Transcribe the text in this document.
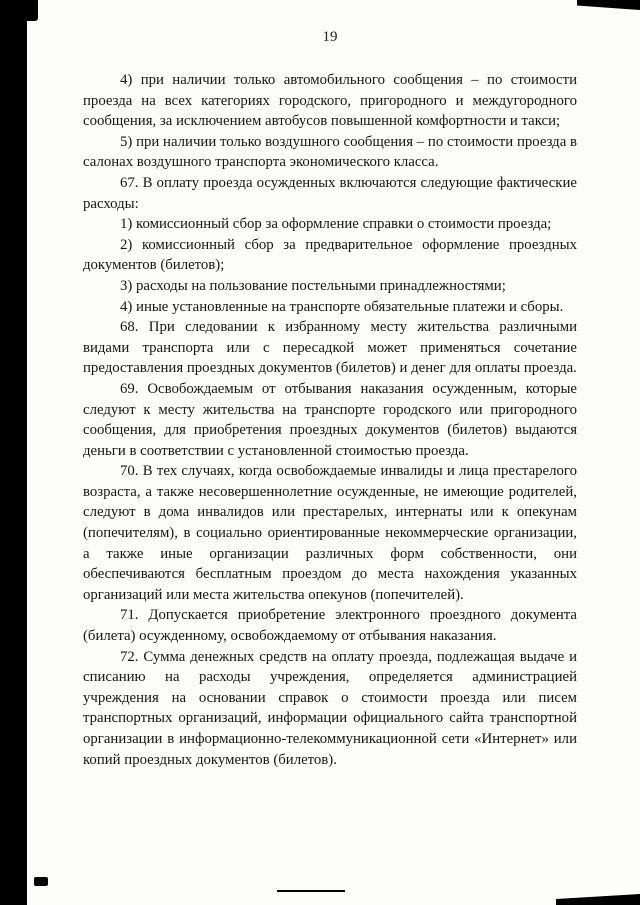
19

4) при наличии только автомобильного сообщения – по стоимости проезда на всех категориях городского, пригородного и междугородного сообщения, за исключением автобусов повышенной комфортности и такси;

5) при наличии только воздушного сообщения – по стоимости проезда в салонах воздушного транспорта экономического класса.

67. В оплату проезда осужденных включаются следующие фактические расходы:

1) комиссионный сбор за оформление справки о стоимости проезда;

2) комиссионный сбор за предварительное оформление проездных документов (билетов);

3) расходы на пользование постельными принадлежностями;

4) иные установленные на транспорте обязательные платежи и сборы.

68. При следовании к избранному месту жительства различными видами транспорта или с пересадкой может применяться сочетание предоставления проездных документов (билетов) и денег для оплаты проезда.

69. Освобождаемым от отбывания наказания осужденным, которые следуют к месту жительства на транспорте городского или пригородного сообщения, для приобретения проездных документов (билетов) выдаются деньги в соответствии с установленной стоимостью проезда.

70. В тех случаях, когда освобождаемые инвалиды и лица престарелого возраста, а также несовершеннолетние осужденные, не имеющие родителей, следуют в дома инвалидов или престарелых, интернаты или к опекунам (попечителям), в социально ориентированные некоммерческие организации, а также иные организации различных форм собственности, они обеспечиваются бесплатным проездом до места нахождения указанных организаций или места жительства опекунов (попечителей).

71. Допускается приобретение электронного проездного документа (билета) осужденному, освобождаемому от отбывания наказания.

72. Сумма денежных средств на оплату проезда, подлежащая выдаче и списанию на расходы учреждения, определяется администрацией учреждения на основании справок о стоимости проезда или писем транспортных организаций, информации официального сайта транспортной организации в информационно-телекоммуникационной сети «Интернет» или копий проездных документов (билетов).
